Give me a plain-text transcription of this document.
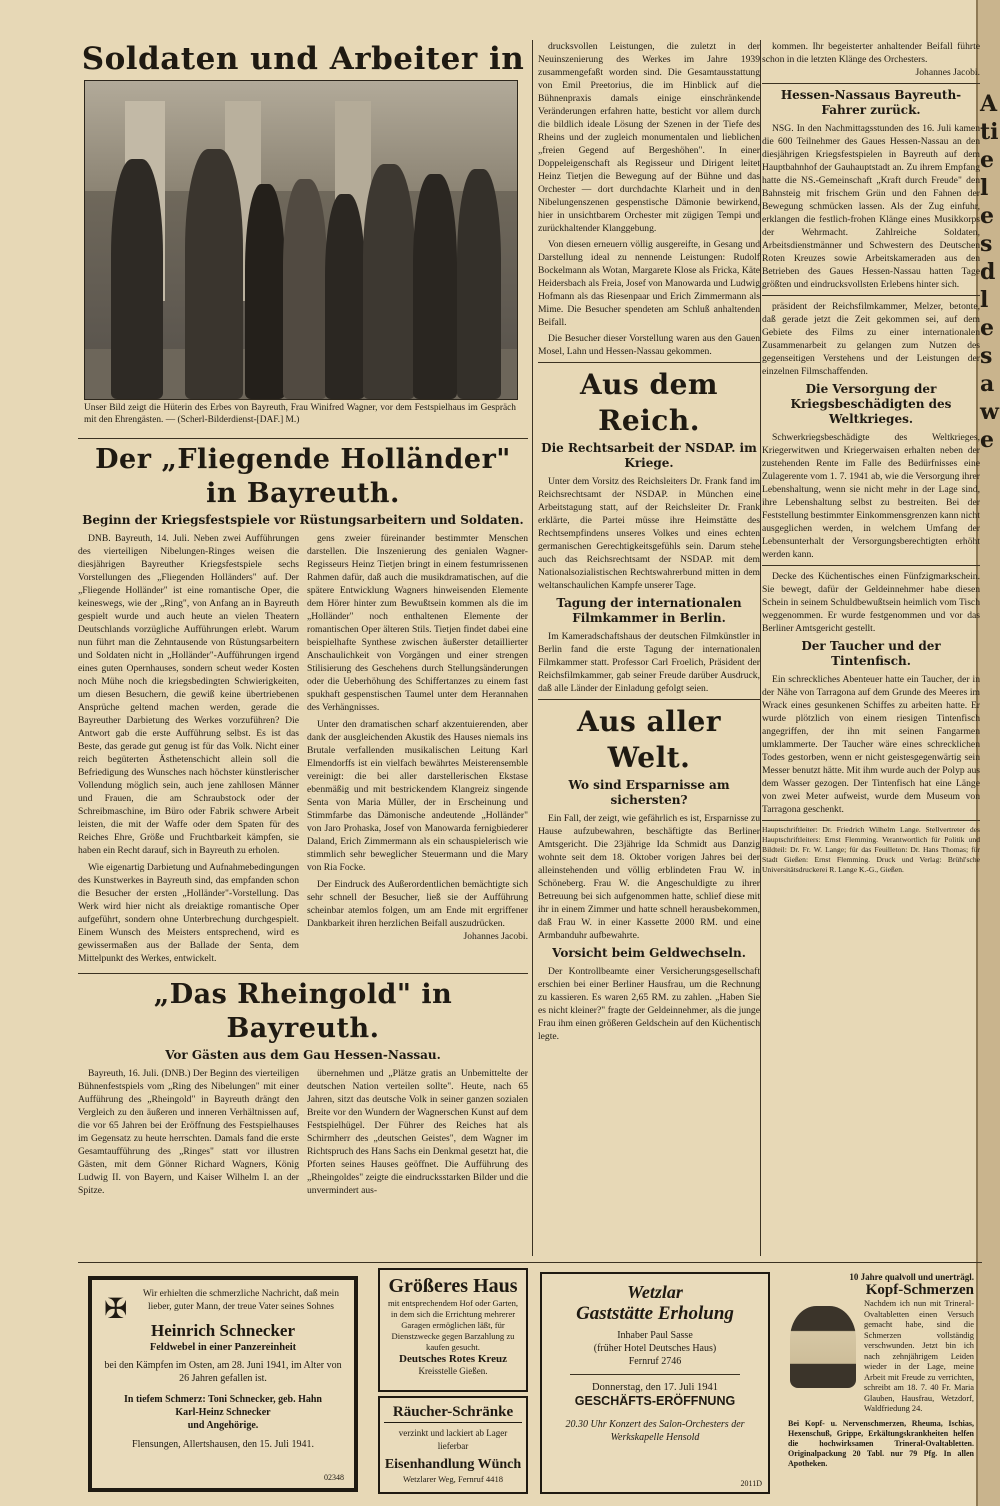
A ti e l e s d l e s a w e
Soldaten und Arbeiter in
Unser Bild zeigt die Hüterin des Erbes von Bayreuth, Frau Winifred Wagner, vor dem Festspielhaus im Gespräch mit den Ehrengästen. — (Scherl-Bilderdienst-[DAF.] M.)
Der „Fliegende Holländer" in Bayreuth.
Beginn der Kriegsfestspiele vor Rüstungsarbeitern und Soldaten.

DNB. Bayreuth, 14. Juli. Neben zwei Aufführungen des vierteiligen Nibelungen-Ringes weisen die diesjährigen Bayreuther Kriegsfestspiele sechs Vorstellungen des „Fliegenden Holländers" auf. Der „Fliegende Holländer" ist eine romantische Oper, die keineswegs, wie der „Ring", von Anfang an in Bayreuth gespielt wurde und auch heute an vielen Theatern Deutschlands vorzügliche Aufführungen erlebt. Warum nun führt man die Zehntausende von Rüstungsarbeitern und Soldaten nicht in „Holländer"-Aufführungen irgend eines guten Opernhauses, sondern scheut weder Kosten noch Mühe noch die kriegsbedingten Schwierigkeiten, um diesen Besuchern, die gewiß keine übertriebenen Ansprüche geltend machen werden, gerade die Bayreuther Darbietung des Werkes vorzuführen? Die Antwort gab die erste Aufführung selbst. Es ist das Beste, das gerade gut genug ist für das Volk. Nicht einer reich begüterten Ästhetenschicht allein soll die Befriedigung des Wunsches nach höchster künstlerischer Vollendung möglich sein, auch jene zahllosen Männer und Frauen, die am Schraubstock oder der Schreibmaschine, im Büro oder Fabrik schwere Arbeit leisten, die mit der Waffe oder dem Spaten für des Reiches Ehre, Größe und Fruchtbarkeit kämpfen, sie haben ein Recht darauf, sich in Bayreuth zu erholen.

Wie eigenartig Darbietung und Aufnahmebedingungen des Kunstwerkes in Bayreuth sind, das empfanden schon die Besucher der ersten „Holländer"-Vorstellung. Das Werk wird hier nicht als dreiaktige romantische Oper aufgeführt, sondern ohne Unterbrechung durchgespielt. Einem Wunsch des Meisters entsprechend, wird es gewissermaßen aus der Ballade der Senta, dem Mittelpunkt des Werkes, entwickelt.

gens zweier füreinander bestimmter Menschen darstellen. Die Inszenierung des genialen Wagner-Regisseurs Heinz Tietjen bringt in einem festumrissenen Rahmen dafür, daß auch die musikdramatischen, auf die spätere Entwicklung Wagners hinweisenden Elemente dem Hörer hinter zum Bewußtsein kommen als die im „Holländer" noch enthaltenen Elemente der romantischen Oper älteren Stils. Tietjen findet dabei eine beispielhafte Synthese zwischen äußerster detaillierter Anschaulichkeit von Vorgängen und einer strengen Stilisierung des Geschehens durch Stellungsänderungen oder die Ueberhöhung des Schiffertanzes zu einem fast spukhaft gespenstischen Taumel unter dem Herannahen des Verhängnisses.

Unter den dramatischen scharf akzentuierenden, aber dank der ausgleichenden Akustik des Hauses niemals ins Brutale verfallenden musikalischen Leitung Karl Elmendorffs ist ein vielfach bewährtes Meisterensemble vereinigt: die bei aller darstellerischen Ekstase ebenmäßig und mit bestrickendem Klangreiz singende Senta von Maria Müller, der in Erscheinung und Stimmfarbe das Dämonische andeutende „Holländer" von Jaro Prohaska, Josef von Manowarda fernigbiederer Daland, Erich Zimmermann als ein schauspielerisch wie stimmlich sehr beweglicher Steuermann und die Mary von Ria Focke.

Der Eindruck des Außerordentlichen bemächtigte sich sehr schnell der Besucher, ließ sie der Aufführung scheinbar atemlos folgen, um am Ende mit ergriffener Dankbarkeit ihren herzlichen Beifall auszudrücken.

Johannes Jacobi.
„Das Rheingold" in Bayreuth.
Vor Gästen aus dem Gau Hessen-Nassau.

Bayreuth, 16. Juli. (DNB.) Der Beginn des vierteiligen Bühnenfestspiels vom „Ring des Nibelungen" mit einer Aufführung des „Rheingold" in Bayreuth drängt den Vergleich zu den äußeren und inneren Verhältnissen auf, die vor 65 Jahren bei der Eröffnung des Festspielhauses im Gegensatz zu heute herrschten. Damals fand die erste Gesamtaufführung des „Ringes" statt vor illustren Gästen, mit dem Gönner Richard Wagners, König Ludwig II. von Bayern, und Kaiser Wilhelm I. an der Spitze.

übernehmen und „Plätze gratis an Unbemittelte der deutschen Nation verteilen sollte". Heute, nach 65 Jahren, sitzt das deutsche Volk in seiner ganzen sozialen Breite vor den Wundern der Wagnerschen Kunst auf dem Festspielhügel. Der Führer des Reiches hat als Schirmherr des „deutschen Geistes", dem Wagner im Richtspruch des Hans Sachs ein Denkmal gesetzt hat, die Pforten seines Hauses geöffnet. Die Aufführung des „Rheingoldes" zeigte die eindrucksstarken Bilder und die unvermindert aus-

drucksvollen Leistungen, die zuletzt in der Neuinszenierung des Werkes im Jahre 1939 zusammengefaßt worden sind. Die Gesamtausstattung von Emil Preetorius, die im Hinblick auf die Bühnenpraxis damals einige einschränkende Veränderungen erfahren hatte, besticht vor allem durch die bildlich ideale Lösung der Szenen in der Tiefe des Rheins und der zugleich monumentalen und lieblichen „freien Gegend auf Bergeshöhen". In einer Doppeleigenschaft als Regisseur und Dirigent leitet Heinz Tietjen die Bewegung auf der Bühne und das Orchester — dort durchdachte Klarheit und in den Nibelungenszenen gespenstische Dämonie bewirkend, hier in unsichtbarem Orchester mit zügigen Tempi und zurückhaltender Klanggebung.

Von diesen erneuern völlig ausgereifte, in Gesang und Darstellung ideal zu nennende Leistungen: Rudolf Bockelmann als Wotan, Margarete Klose als Fricka, Käte Heidersbach als Freia, Josef von Manowarda und Ludwig Hofmann als das Riesenpaar und Erich Zimmermann als Mime. Die Besucher spendeten am Schluß anhaltenden Beifall.

Die Besucher dieser Vorstellung waren aus den Gauen Mosel, Lahn und Hessen-Nassau gekommen.

Aus dem Reich.
Die Rechtsarbeit der NSDAP. im Kriege.

Unter dem Vorsitz des Reichsleiters Dr. Frank fand im Reichsrechtsamt der NSDAP. in München eine Arbeitstagung statt, auf der Reichsleiter Dr. Frank erklärte, die Partei müsse ihre Heimstätte des Rechtsempfindens unseres Volkes und eines echten germanischen Gerechtigkeitsgefühls sein. Darum stehe auch das Reichsrechtsamt der NSDAP. mit dem Nationalsozialistischen Rechtswahrerbund mitten in dem weltanschaulichen Kampfe unserer Tage.

Tagung der internationalen Filmkammer in Berlin.

Im Kameradschaftshaus der deutschen Filmkünstler in Berlin fand die erste Tagung der internationalen Filmkammer statt. Professor Carl Froelich, Präsident der Reichsfilmkammer, gab seiner Freude darüber Ausdruck, daß alle Länder der Einladung gefolgt seien.

Aus aller Welt.
Wo sind Ersparnisse am sichersten?

Ein Fall, der zeigt, wie gefährlich es ist, Ersparnisse zu Hause aufzubewahren, beschäftigte das Berliner Amtsgericht. Die 23jährige Ida Schmidt aus Danzig wohnte seit dem 18. Oktober vorigen Jahres bei der alleinstehenden und völlig erblindeten Frau W. in Schöneberg. Frau W. die Angeschuldigte zu ihrer Betreuung bei sich aufgenommen hatte, schlief diese mit ihr in einem Zimmer und hatte schnell herausbekommen, daß Frau W. in einer Kassette 2000 RM. und eine Armbanduhr aufbewahrte.

Vorsicht beim Geldwechseln.

Der Kontrollbeamte einer Versicherungsgesellschaft erschien bei einer Berliner Hausfrau, um die Rechnung zu kassieren. Es waren 2,65 RM. zu zahlen. „Haben Sie es nicht kleiner?" fragte der Geldeinnehmer, als die junge Frau ihm einen größeren Geldschein auf den Küchentisch legte.

kommen. Ihr begeisterter anhaltender Beifall führte schon in die letzten Klänge des Orchesters.

Johannes Jacobi.
Hessen-Nassaus Bayreuth-Fahrer zurück.

NSG. In den Nachmittagsstunden des 16. Juli kamen die 600 Teilnehmer des Gaues Hessen-Nassau an den diesjährigen Kriegsfestspielen in Bayreuth auf dem Hauptbahnhof der Gauhauptstadt an. Zu ihrem Empfang hatte die NS.-Gemeinschaft „Kraft durch Freude" den Bahnsteig mit frischem Grün und den Fahnen der Bewegung schmücken lassen. Als der Zug einfuhr, erklangen die festlich-frohen Klänge eines Musikkorps der Wehrmacht. Zahlreiche Soldaten, Arbeitsdienstmänner und Schwestern des Deutschen Roten Kreuzes sowie Arbeitskameraden aus den Betrieben des Gaues Hessen-Nassau hatten Tage größten und eindrucksvollsten Erlebens hinter sich.

präsident der Reichsfilmkammer, Melzer, betonte, daß gerade jetzt die Zeit gekommen sei, auf dem Gebiete des Films zu einer internationalen Zusammenarbeit zu gelangen zum Nutzen des gegenseitigen Verstehens und der Leistungen der einzelnen Filmschaffenden.

Die Versorgung der Kriegsbeschädigten des Weltkrieges.

Schwerkriegsbeschädigte des Weltkrieges, Kriegerwitwen und Kriegerwaisen erhalten neben der zustehenden Rente im Falle des Bedürfnisses eine Zulagerente vom 1. 7. 1941 ab, wie die Versorgung ihrer Lebenshaltung, wenn sie nicht mehr in der Lage sind, ihre Lebenshaltung selbst zu bestreiten. Bei der Feststellung bestimmter Einkommensgrenzen kann nicht ausgeglichen werden, in welchem Umfang der Lebensunterhalt der Versorgungsberechtigten erhöht werden kann.

Decke des Küchentisches einen Fünfzigmarkschein. Sie bewegt, dafür der Geldeinnehmer habe diesen Schein in seinem Schuldbewußtsein heimlich vom Tisch weggenommen. Er wurde festgenommen und vor das Berliner Amtsgericht gestellt.

Der Taucher und der Tintenfisch.

Ein schreckliches Abenteuer hatte ein Taucher, der in der Nähe von Tarragona auf dem Grunde des Meeres im Wrack eines gesunkenen Schiffes zu arbeiten hatte. Er wurde plötzlich von einem riesigen Tintenfisch angegriffen, der ihn mit seinen Fangarmen umklammerte. Der Taucher wäre eines schrecklichen Todes gestorben, wenn er nicht geistesgegenwärtig sein Messer benutzt hätte. Mit ihm wurde auch der Polyp aus dem Wasser gezogen. Der Tintenfisch hat eine Länge von zwei Meter aufweist, wurde dem Museum von Tarragona geschenkt.

Hauptschriftleiter: Dr. Friedrich Wilhelm Lange. Stellvertreter des Hauptschriftleiters: Ernst Flemming. Verantwortlich für Politik und Bildteil: Dr. Fr. W. Lange; für das Feuilleton: Dr. Hans Thomas; für Stadt Gießen: Ernst Flemming. Druck und Verlag: Brühl'sche Universitätsdruckerei R. Lange K.-G., Gießen.

✠	Wir erhielten die schmerzliche Nachricht, daß mein lieber, guter Mann, der treue Vater seines Sohnes

Heinrich Schnecker

Feldwebel in einer Panzereinheit

bei den Kämpfen im Osten, am 28. Juni 1941, im Alter von 26 Jahren gefallen ist.

In tiefem Schmerz: Toni Schnecker, geb. Hahn

Karl-Heinz Schnecker

und Angehörige.

Flensungen, Allertshausen, den 15. Juli 1941.

02348

Größeres Haus

mit entsprechendem Hof oder Garten, in dem sich die Errichtung mehrerer Garagen ermöglichen läßt, für Dienstzwecke gegen Barzahlung zu kaufen gesucht.

Deutsches Rotes Kreuz

Kreisstelle Gießen.

Räucher-Schränke

verzinkt und lackiert ab Lager lieferbar

Eisenhandlung Wünch

Wetzlarer Weg, Fernruf 4418

Wetzlar

Gaststätte Erholung

Inhaber Paul Sasse

(früher Hotel Deutsches Haus)

Fernruf 2746

Donnerstag, den 17. Juli 1941

GESCHÄFTS-ERÖFFNUNG

20.30 Uhr Konzert des Salon-Orchesters der Werkskapelle Hensold

2011D

10 Jahre qualvoll und unerträgl.

Kopf-Schmerzen

Nachdem ich nun mit Trineral-Ovaltabletten einen Versuch gemacht habe, sind die Schmerzen vollständig verschwunden. Jetzt bin ich nach zehnjährigem Leiden wieder in der Lage, meine Arbeit mit Freude zu verrichten, schreibt am 18. 7. 40 Fr. Maria Glauben, Hausfrau, Wetzdorf, Waldfriedung 24.

Bei Kopf- u. Nervenschmerzen, Rheuma, Ischias, Hexenschuß, Grippe, Erkältungskrankheiten helfen die hochwirksamen Trineral-Ovaltabletten. Originalpackung 20 Tabl. nur 79 Pfg. In allen Apotheken.
